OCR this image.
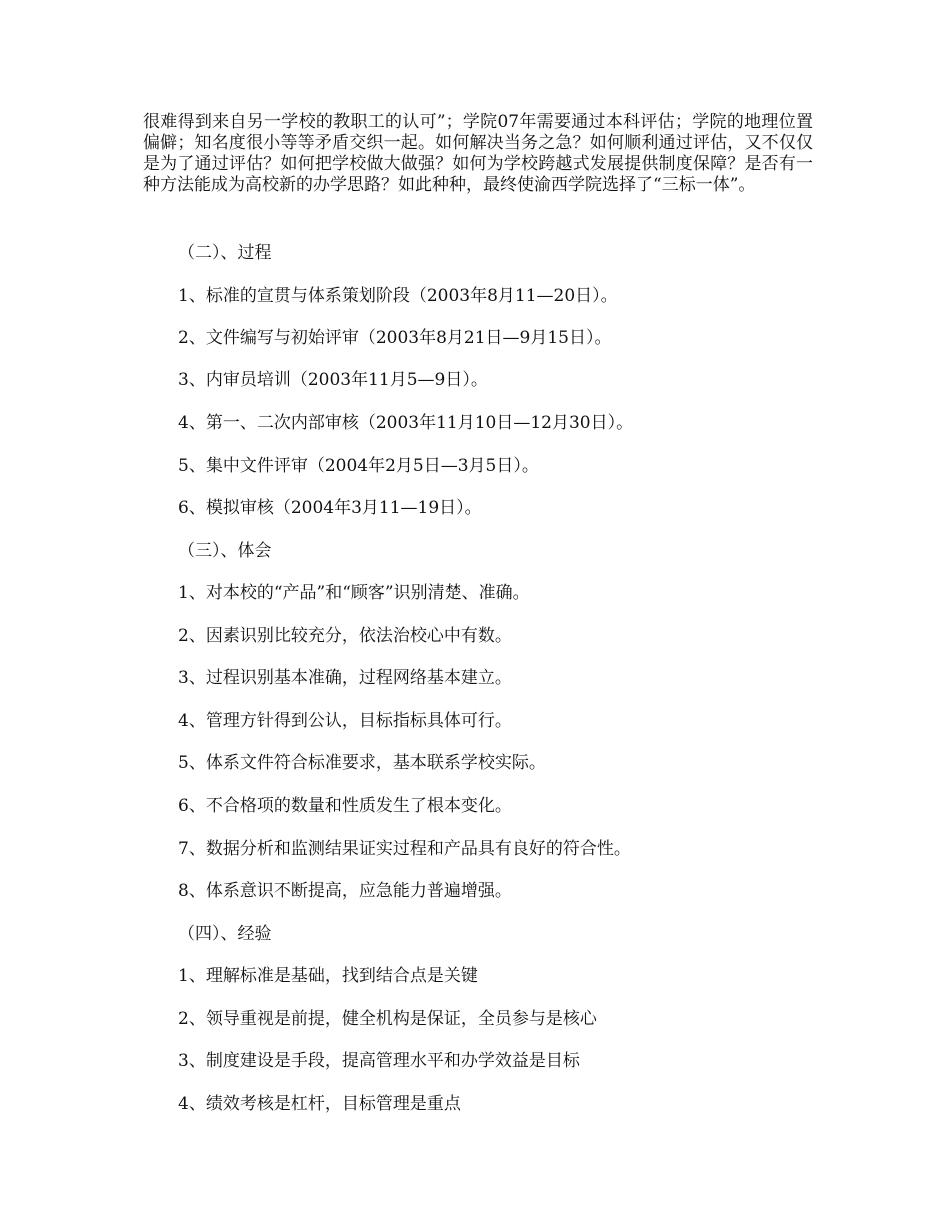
很难得到来自另一学校的教职工的认可”；学院07年需要通过本科评估；学院的地理位置偏僻；知名度很小等等矛盾交织一起。如何解决当务之急？如何顺利通过评估，又不仅仅是为了通过评估？如何把学校做大做强？如何为学校跨越式发展提供制度保障？是否有一种方法能成为高校新的办学思路？如此种种，最终使渝西学院选择了“三标一体”。

（二）、过程

1、标准的宣贯与体系策划阶段（2003年8月11—20日）。

2、文件编写与初始评审（2003年8月21日—9月15日）。

3、内审员培训（2003年11月5—9日）。

4、第一、二次内部审核（2003年11月10日—12月30日）。

5、集中文件评审（2004年2月5日—3月5日）。

6、模拟审核（2004年3月11—19日）。

（三）、体会

1、对本校的“产品”和“顾客”识别清楚、准确。

2、因素识别比较充分，依法治校心中有数。

3、过程识别基本准确，过程网络基本建立。

4、管理方针得到公认，目标指标具体可行。

5、体系文件符合标准要求，基本联系学校实际。

6、不合格项的数量和性质发生了根本变化。

7、数据分析和监测结果证实过程和产品具有良好的符合性。

8、体系意识不断提高，应急能力普遍增强。

（四）、经验

1、理解标准是基础，找到结合点是关键

2、领导重视是前提，健全机构是保证，全员参与是核心

3、制度建设是手段，提高管理水平和办学效益是目标

4、绩效考核是杠杆，目标管理是重点
